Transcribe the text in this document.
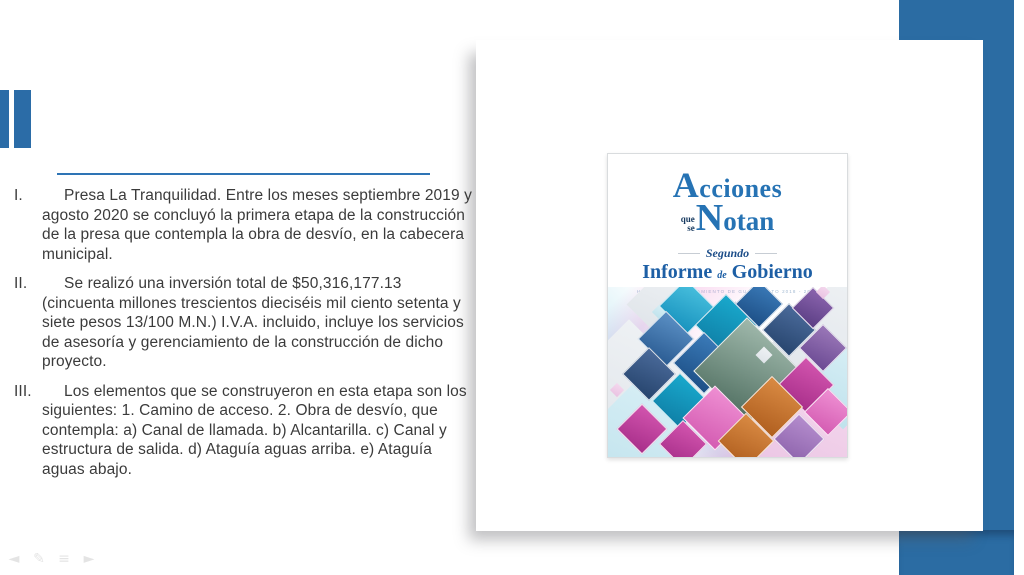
I.	Presa La Tranquilidad. Entre los meses septiembre 2019 y agosto 2020 se concluyó la primera etapa de la construcción de la presa que contempla la obra de desvío, en la cabecera municipal.
II.	Se realizó una inversión total de $50,316,177.13 (cincuenta millones trescientos dieciséis mil ciento setenta y siete pesos 13/100 M.N.) I.V.A. incluido, incluye los servicios de asesoría y gerenciamiento de la construcción de dicho proyecto.
III.	Los elementos que se construyeron en esta etapa son los siguientes: 1. Camino de acceso. 2. Obra de desvío, que contempla: a) Canal de llamada. b) Alcantarilla. c) Canal y estructura de salida. d) Ataguía aguas arriba. e) Ataguía aguas abajo.
Acciones
que
se Notan
Segundo
Informe de Gobierno
◄ ✎ ≡ ►
